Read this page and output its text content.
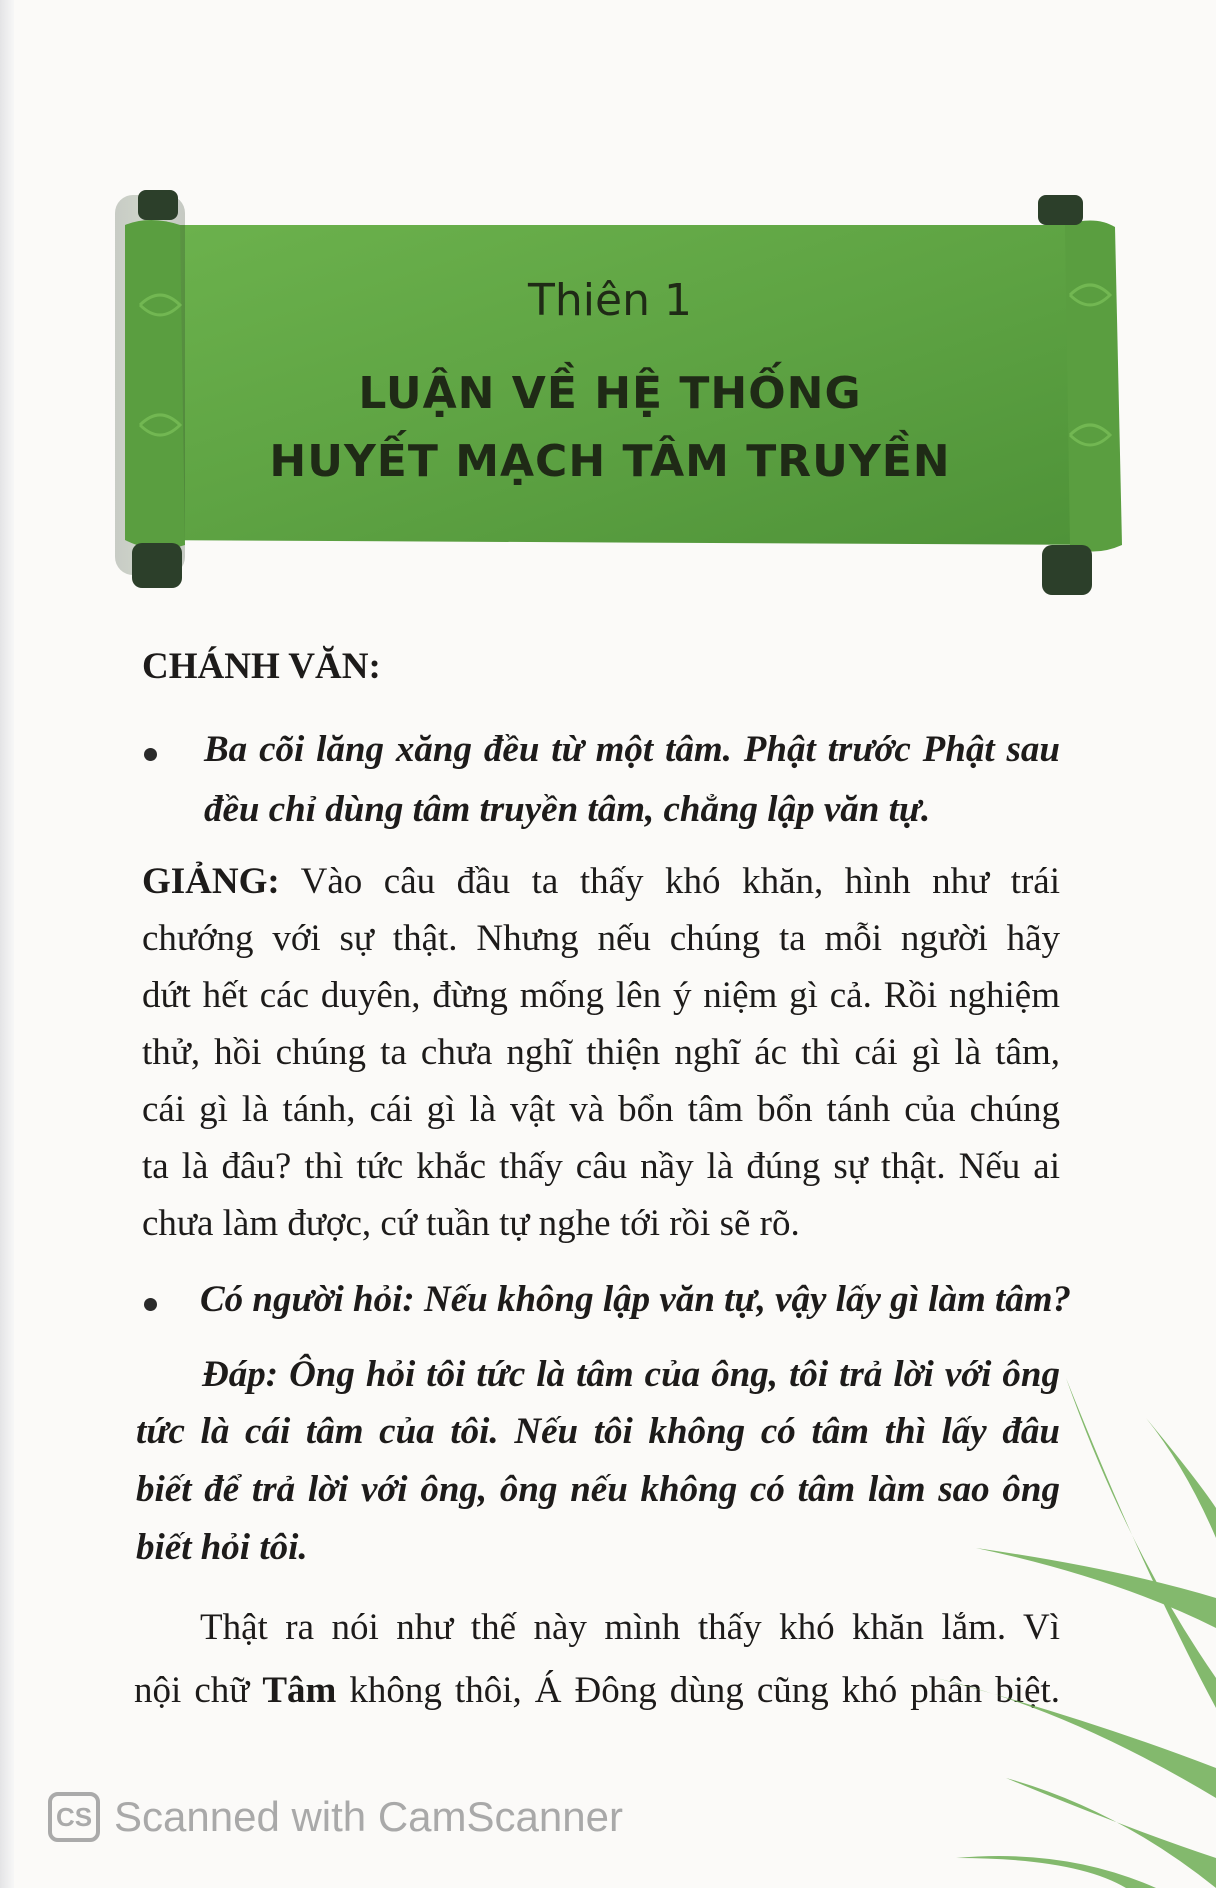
Thiên 1
LUẬN VỀ HỆ THỐNG
HUYẾT MẠCH TÂM TRUYỀN
CHÁNH VĂN:
Ba cõi lăng xăng đều từ một tâm. Phật trước Phật sau
đều chỉ dùng tâm truyền tâm, chẳng lập văn tự.
GIẢNG: Vào câu đầu ta thấy khó khăn, hình như trái
chướng với sự thật. Nhưng nếu chúng ta mỗi người hãy
dứt hết các duyên, đừng mống lên ý niệm gì cả. Rồi nghiệm
thử, hồi chúng ta chưa nghĩ thiện nghĩ ác thì cái gì là tâm,
cái gì là tánh, cái gì là vật và bổn tâm bổn tánh của chúng
ta là đâu? thì tức khắc thấy câu nầy là đúng sự thật. Nếu ai
chưa làm được, cứ tuần tự nghe tới rồi sẽ rõ.
Có người hỏi: Nếu không lập văn tự, vậy lấy gì làm tâm?
Đáp: Ông hỏi tôi tức là tâm của ông, tôi trả lời với ông
tức là cái tâm của tôi. Nếu tôi không có tâm thì lấy đâu
biết để trả lời với ông, ông nếu không có tâm làm sao ông
biết hỏi tôi.
Thật ra nói như thế này mình thấy khó khăn lắm. Vì
nội chữ Tâm không thôi, Á Đông dùng cũng khó phân biệt.
CS Scanned with CamScanner
